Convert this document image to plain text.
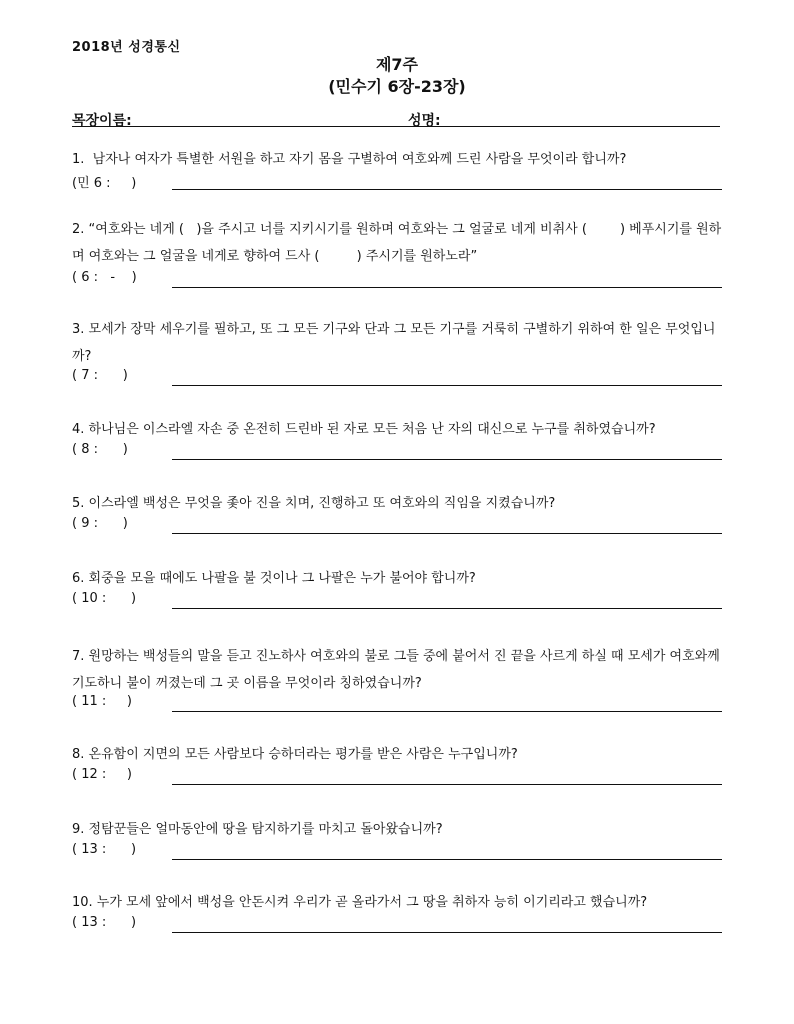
2018년 성경통신
제7주
(민수기 6장-23장)
목장이름:	성명:
1.  남자나 여자가 특별한 서원을 하고 자기 몸을 구별하여 여호와께 드린 사람을 무엇이라 합니까?
(민 6 :     )
2. “여호와는 네게 (   )을 주시고 너를 지키시기를 원하며 여호와는 그 얼굴로 네게 비취사 (        ) 베푸시기를 원하며 여호와는 그 얼굴을 네게로 향하여 드사 (         ) 주시기를 원하노라”
( 6 :   -    )
3. 모세가 장막 세우기를 필하고, 또 그 모든 기구와 단과 그 모든 기구를 거룩히 구별하기 위하여 한 일은 무엇입니까?
( 7 :      )
4. 하나님은 이스라엘 자손 중 온전히 드린바 된 자로 모든 처음 난 자의 대신으로 누구를 취하였습니까?
( 8 :      )
5. 이스라엘 백성은 무엇을 좇아 진을 치며, 진행하고 또 여호와의 직임을 지켰습니까?
( 9 :      )
6. 회중을 모을 때에도 나팔을 불 것이나 그 나팔은 누가 불어야 합니까?
( 10 :      )
7. 원망하는 백성들의 말을 듣고 진노하사 여호와의 불로 그들 중에 붙어서 진 끝을 사르게 하실 때 모세가 여호와께 기도하니 불이 꺼졌는데 그 곳 이름을 무엇이라 칭하였습니까?
( 11 :     )
8. 온유함이 지면의 모든 사람보다 승하더라는 평가를 받은 사람은 누구입니까?
( 12 :     )
9. 정탐꾼들은 얼마동안에 땅을 탐지하기를 마치고 돌아왔습니까?
( 13 :      )
10. 누가 모세 앞에서 백성을 안돈시켜 우리가 곧 올라가서 그 땅을 취하자 능히 이기리라고 했습니까?
( 13 :      )
